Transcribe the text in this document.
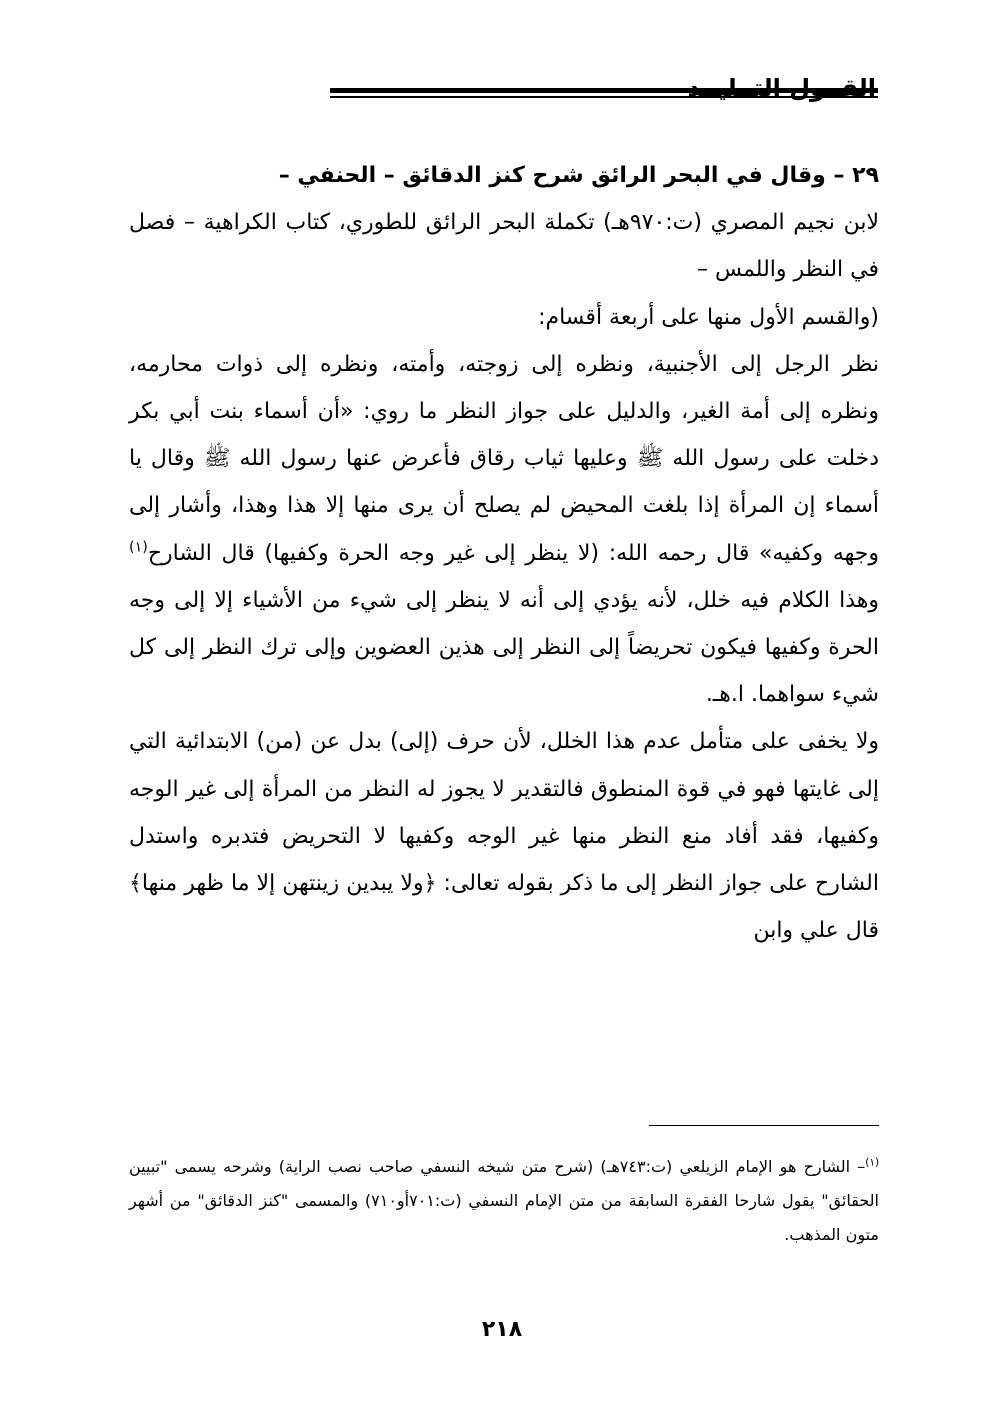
٢٩ – وقال في البحر الرائق شرح كنز الدقائق – الحنفي –

لابن نجيم المصري (ت:٩٧٠هـ) تكملة البحر الرائق للطوري، كتاب الكراهية – فصل في النظر واللمس –

(والقسم الأول منها على أربعة أقسام:

نظر الرجل إلى الأجنبية، ونظره إلى زوجته، وأمته، ونظره إلى ذوات محارمه، ونظره إلى أمة الغير، والدليل على جواز النظر ما روي: «أن أسماء بنت أبي بكر دخلت على رسول الله ﷺ وعليها ثياب رقاق فأعرض عنها رسول الله ﷺ وقال يا أسماء إن المرأة إذا بلغت المحيض لم يصلح أن يرى منها إلا هذا وهذا، وأشار إلى وجهه وكفيه» قال رحمه الله: (لا ينظر إلى غير وجه الحرة وكفيها) قال الشارح$^{(١)}$ وهذا الكلام فيه خلل، لأنه يؤدي إلى أنه لا ينظر إلى شيء من الأشياء إلا إلى وجه الحرة وكفيها فيكون تحريضاً إلى النظر إلى هذين العضوين وإلى ترك النظر إلى كل شيء سواهما. ا.هـ.

ولا يخفى على متأمل عدم هذا الخلل، لأن حرف (إلى) بدل عن (من) الابتدائية التي إلى غايتها فهو في قوة المنطوق فالتقدير لا يجوز له النظر من المرأة إلى غير الوجه وكفيها، فقد أفاد منع النظر منها غير الوجه وكفيها لا التحريض فتدبره واستدل الشارح على جواز النظر إلى ما ذكر بقوله تعالى: ﴿ولا يبدين زينتهن إلا ما ظهر منها﴾ قال علي وابن

$^{(١)}$– الشارح هو الإمام الزيلعي (ت:٧٤٣هـ) (شرح متن شيخه النسفي صاحب نصب الراية) وشرحه يسمى "تبيين الحقائق" يقول شارحا الفقرة السابقة من متن الإمام النسفي (ت:٧٠١أو٧١٠) والمسمى "كنز الدقائق" من أشهر متون المذهب.

٢١٨
